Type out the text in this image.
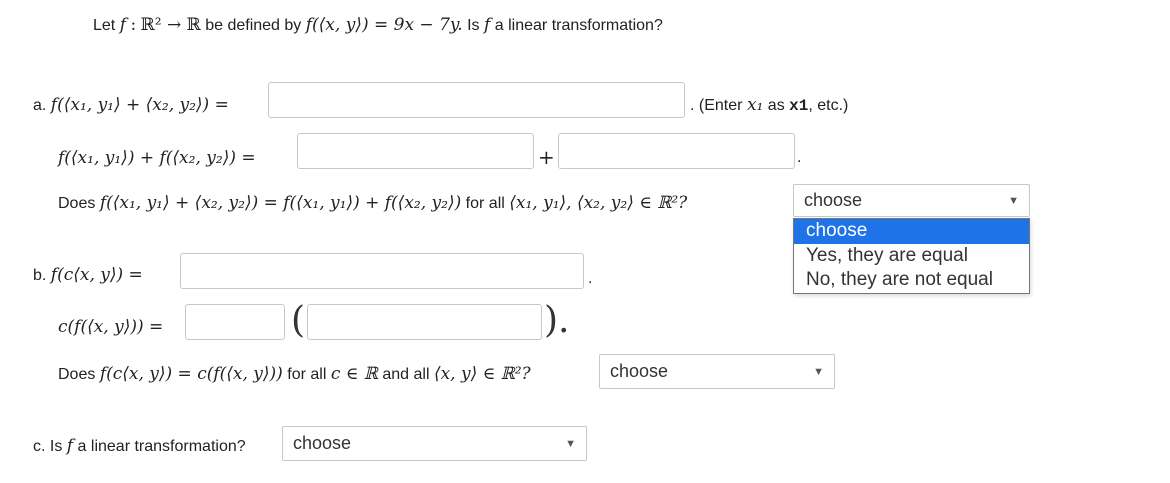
Let f : ℝ² → ℝ be defined by f(⟨x, y⟩) = 9x − 7y. Is f a linear transformation?
a. f(⟨x₁, y₁⟩ + ⟨x₂, y₂⟩) =	. (Enter x₁ as x1, etc.)
f(⟨x₁, y₁⟩) + f(⟨x₂, y₂⟩) =	+	.
Does f(⟨x₁, y₁⟩ + ⟨x₂, y₂⟩) = f(⟨x₁, y₁⟩) + f(⟨x₂, y₂⟩) for all ⟨x₁, y₁⟩, ⟨x₂, y₂⟩ ∈ ℝ²?	choose	▼
choose
Yes, they are equal
No, they are not equal
b. f(c⟨x, y⟩) =	.
c(f(⟨x, y⟩)) =	(	).
Does f(c⟨x, y⟩) = c(f(⟨x, y⟩)) for all c ∈ ℝ and all ⟨x, y⟩ ∈ ℝ²?	choose	▼
c. Is f a linear transformation?	choose	▼
